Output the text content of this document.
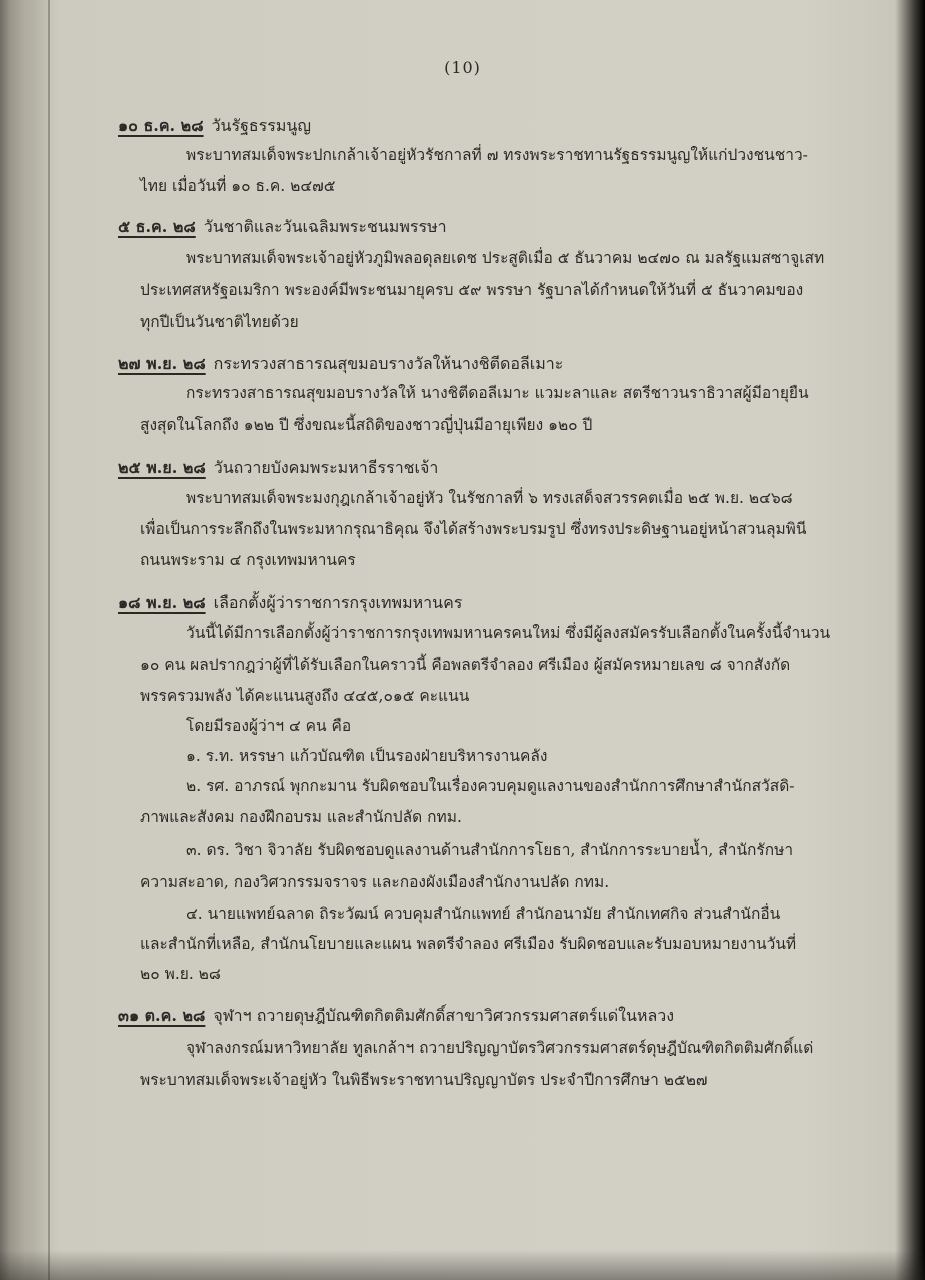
(10)
๑๐ ธ.ค. ๒๘ วันรัฐธรรมนูญ
พระบาทสมเด็จพระปกเกล้าเจ้าอยู่หัวรัชกาลที่ ๗ ทรงพระราชทานรัฐธรรมนูญให้แก่ปวงชนชาว-
ไทย เมื่อวันที่ ๑๐ ธ.ค. ๒๔๗๕
๕ ธ.ค. ๒๘ วันชาติและวันเฉลิมพระชนมพรรษา
พระบาทสมเด็จพระเจ้าอยู่หัวภูมิพลอดุลยเดช ประสูติเมื่อ ๕ ธันวาคม ๒๔๗๐ ณ มลรัฐแมสซาจูเสท
ประเทศสหรัฐอเมริกา พระองค์มีพระชนมายุครบ ๕๙ พรรษา รัฐบาลได้กำหนดให้วันที่ ๕ ธันวาคมของ
ทุกปีเป็นวันชาติไทยด้วย
๒๗ พ.ย. ๒๘ กระทรวงสาธารณสุขมอบรางวัลให้นางชิตีดอลีเมาะ
กระทรวงสาธารณสุขมอบรางวัลให้ นางชิตีดอลีเมาะ แวมะลาและ สตรีชาวนราธิวาสผู้มีอายุยืน
สูงสุดในโลกถึง ๑๒๒ ปี ซึ่งขณะนี้สถิติของชาวญี่ปุ่นมีอายุเพียง ๑๒๐ ปี
๒๕ พ.ย. ๒๘ วันถวายบังคมพระมหาธีรราชเจ้า
พระบาทสมเด็จพระมงกุฎเกล้าเจ้าอยู่หัว ในรัชกาลที่ ๖ ทรงเสด็จสวรรคตเมื่อ ๒๕ พ.ย. ๒๔๖๘
เพื่อเป็นการระลึกถึงในพระมหากรุณาธิคุณ จึงได้สร้างพระบรมรูป ซึ่งทรงประดิษฐานอยู่หน้าสวนลุมพินี
ถนนพระราม ๔ กรุงเทพมหานคร
๑๘ พ.ย. ๒๘ เลือกตั้งผู้ว่าราชการกรุงเทพมหานคร
วันนี้ได้มีการเลือกตั้งผู้ว่าราชการกรุงเทพมหานครคนใหม่ ซึ่งมีผู้ลงสมัครรับเลือกตั้งในครั้งนี้จำนวน
๑๐ คน ผลปรากฎว่าผู้ที่ได้รับเลือกในคราวนี้ คือพลตรีจำลอง ศรีเมือง ผู้สมัครหมายเลข ๘ จากสังกัด
พรรครวมพลัง ได้คะแนนสูงถึง ๔๔๕,๐๑๕ คะแนน
โดยมีรองผู้ว่าฯ ๔ คน คือ
๑. ร.ท. หรรษา แก้วบัณฑิต เป็นรองฝ่ายบริหารงานคลัง
๒. รศ. อาภรณ์ พุกกะมาน รับผิดชอบในเรื่องควบคุมดูแลงานของสำนักการศึกษาสำนักสวัสดิ-
ภาพและสังคม กองฝึกอบรม และสำนักปลัด กทม.
๓. ดร. วิชา จิวาลัย รับผิดชอบดูแลงานด้านสำนักการโยธา, สำนักการระบายน้ำ, สำนักรักษา
ความสะอาด, กองวิศวกรรมจราจร และกองผังเมืองสำนักงานปลัด กทม.
๔. นายแพทย์ฉลาด ถิระวัฒน์ ควบคุมสำนักแพทย์ สำนักอนามัย สำนักเทศกิจ ส่วนสำนักอื่น
และสำนักที่เหลือ, สำนักนโยบายและแผน พลตรีจำลอง ศรีเมือง รับผิดชอบและรับมอบหมายงานวันที่
๒๐ พ.ย. ๒๘
๓๑ ต.ค. ๒๘ จุฬาฯ ถวายดุษฎีบัณฑิตกิตติมศักดิ์สาขาวิศวกรรมศาสตร์แด่ในหลวง
จุฬาลงกรณ์มหาวิทยาลัย ทูลเกล้าฯ ถวายปริญญาบัตรวิศวกรรมศาสตร์ดุษฎีบัณฑิตกิตติมศักดิ์แด่
พระบาทสมเด็จพระเจ้าอยู่หัว ในพิธีพระราชทานปริญญาบัตร ประจำปีการศึกษา ๒๕๒๗
